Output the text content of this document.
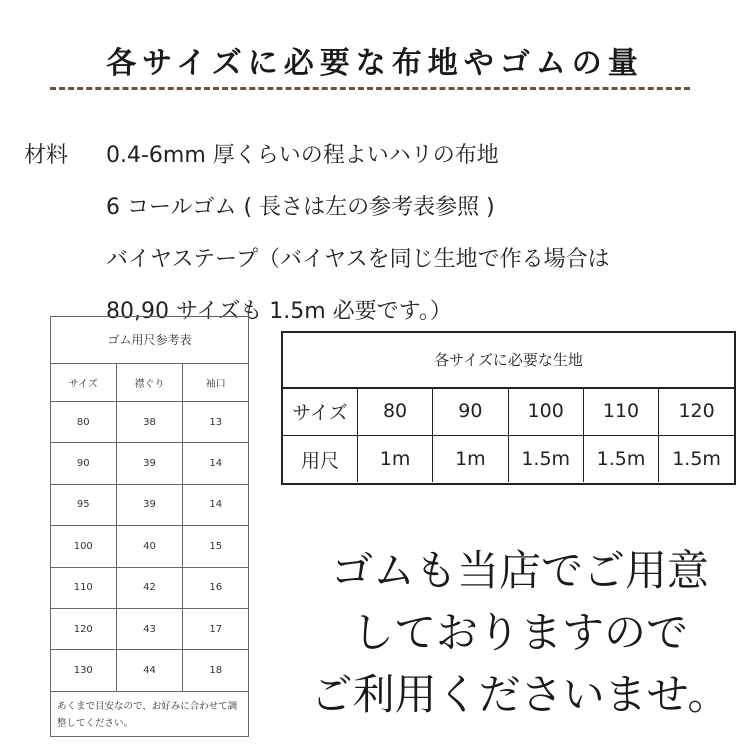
各サイズに必要な布地やゴムの量
材料	0.4-6mm 厚くらいの程よいハリの布地
6 コールゴム ( 長さは左の参考表参照 )
バイヤステープ（バイヤスを同じ生地で作る場合は
80,90 サイズも 1.5m 必要です。）
ゴム用尺参考表
サイズ	襟ぐり	袖口
80	38	13
90	39	14
95	39	14
100	40	15
110	42	16
120	43	17
130	44	18
あくまで目安なので、お好みに合わせて調整してください。
各サイズに必要な生地
サイズ	80	90	100	110	120
用尺	1m	1m	1.5m	1.5m	1.5m
ゴムも当店でご用意
しておりますので
ご利用くださいませ。
